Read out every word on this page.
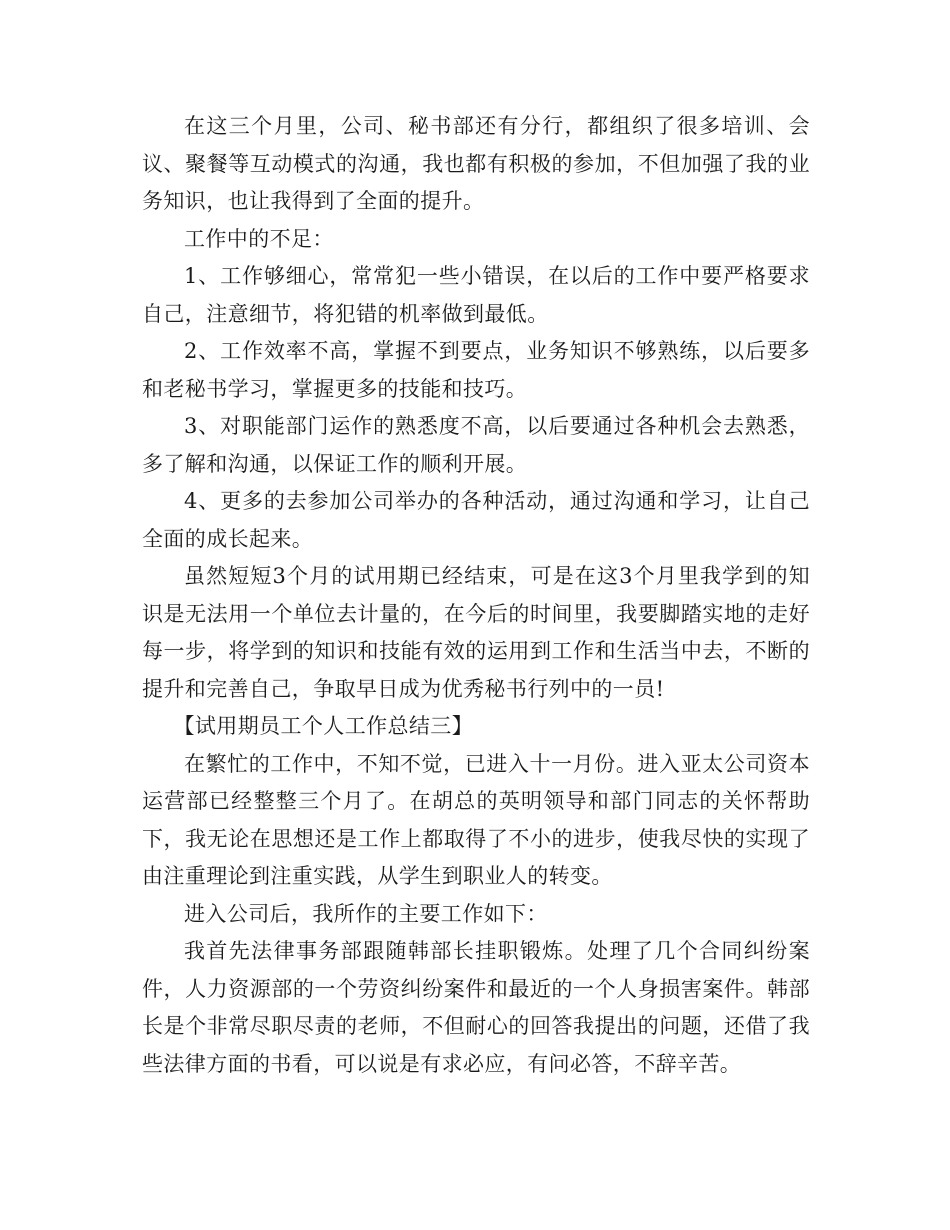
在这三个月里，公司、秘书部还有分行，都组织了很多培训、会议、聚餐等互动模式的沟通，我也都有积极的参加，不但加强了我的业务知识，也让我得到了全面的提升。

工作中的不足：

1、工作够细心，常常犯一些小错误，在以后的工作中要严格要求自己，注意细节，将犯错的机率做到最低。

2、工作效率不高，掌握不到要点，业务知识不够熟练，以后要多和老秘书学习，掌握更多的技能和技巧。

3、对职能部门运作的熟悉度不高，以后要通过各种机会去熟悉，多了解和沟通，以保证工作的顺利开展。

4、更多的去参加公司举办的各种活动，通过沟通和学习，让自己全面的成长起来。

虽然短短3个月的试用期已经结束，可是在这3个月里我学到的知识是无法用一个单位去计量的，在今后的时间里，我要脚踏实地的走好每一步，将学到的知识和技能有效的运用到工作和生活当中去，不断的提升和完善自己，争取早日成为优秀秘书行列中的一员!

【试用期员工个人工作总结三】

在繁忙的工作中，不知不觉，已进入十一月份。进入亚太公司资本运营部已经整整三个月了。在胡总的英明领导和部门同志的关怀帮助下，我无论在思想还是工作上都取得了不小的进步，使我尽快的实现了由注重理论到注重实践，从学生到职业人的转变。

进入公司后，我所作的主要工作如下：

我首先法律事务部跟随韩部长挂职锻炼。处理了几个合同纠纷案件，人力资源部的一个劳资纠纷案件和最近的一个人身损害案件。韩部长是个非常尽职尽责的老师，不但耐心的回答我提出的问题，还借了我些法律方面的书看，可以说是有求必应，有问必答，不辞辛苦。
